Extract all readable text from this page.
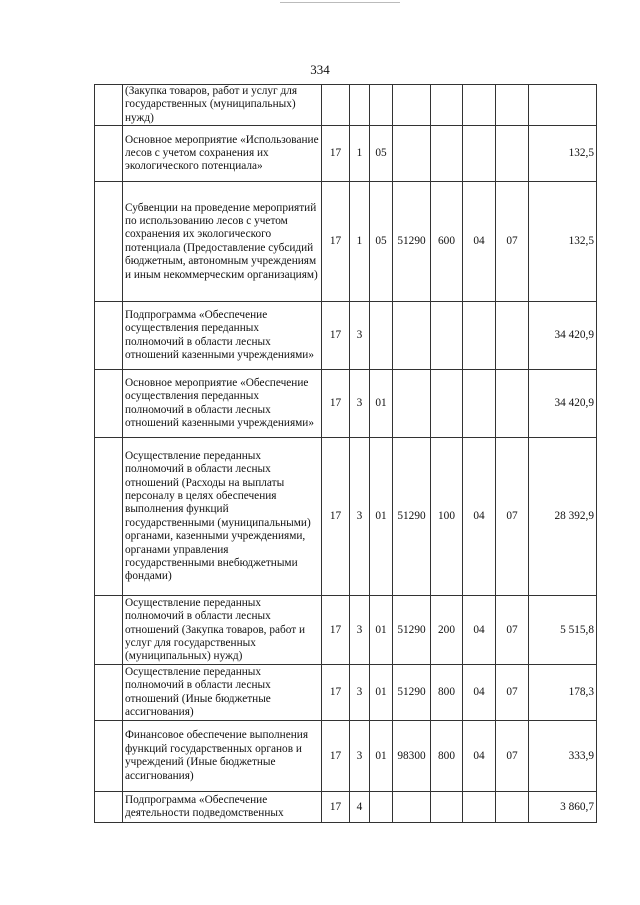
334
	(Закупка товаров, работ и услуг для государственных (муниципальных) нужд)								
	Основное мероприятие «Использование лесов с учетом сохранения их экологического потенциала»	17	1	05					132,5
	Субвенции на проведение мероприятий по использованию лесов с учетом сохранения их экологического потенциала (Предоставление субсидий бюджетным, автономным учреждениям и иным некоммерческим организациям)	17	1	05	51290	600	04	07	132,5
	Подпрограмма «Обеспечение осуществления переданных полномочий в области лесных отношений казенными учреждениями»	17	3						34 420,9
	Основное мероприятие «Обеспечение осуществления переданных полномочий в области лесных отношений казенными учреждениями»	17	3	01					34 420,9
	Осуществление переданных полномочий в области лесных отношений (Расходы на выплаты персоналу в целях обеспечения выполнения функций государственными (муниципальными) органами, казенными учреждениями, органами управления государственными внебюджетными фондами)	17	3	01	51290	100	04	07	28 392,9
	Осуществление переданных полномочий в области лесных отношений (Закупка товаров, работ и услуг для государственных (муниципальных) нужд)	17	3	01	51290	200	04	07	5 515,8
	Осуществление переданных полномочий в области лесных отношений (Иные бюджетные ассигнования)	17	3	01	51290	800	04	07	178,3
	Финансовое обеспечение выполнения функций государственных органов и учреждений (Иные бюджетные ассигнования)	17	3	01	98300	800	04	07	333,9
	Подпрограмма «Обеспечение деятельности подведомственных	17	4						3 860,7
